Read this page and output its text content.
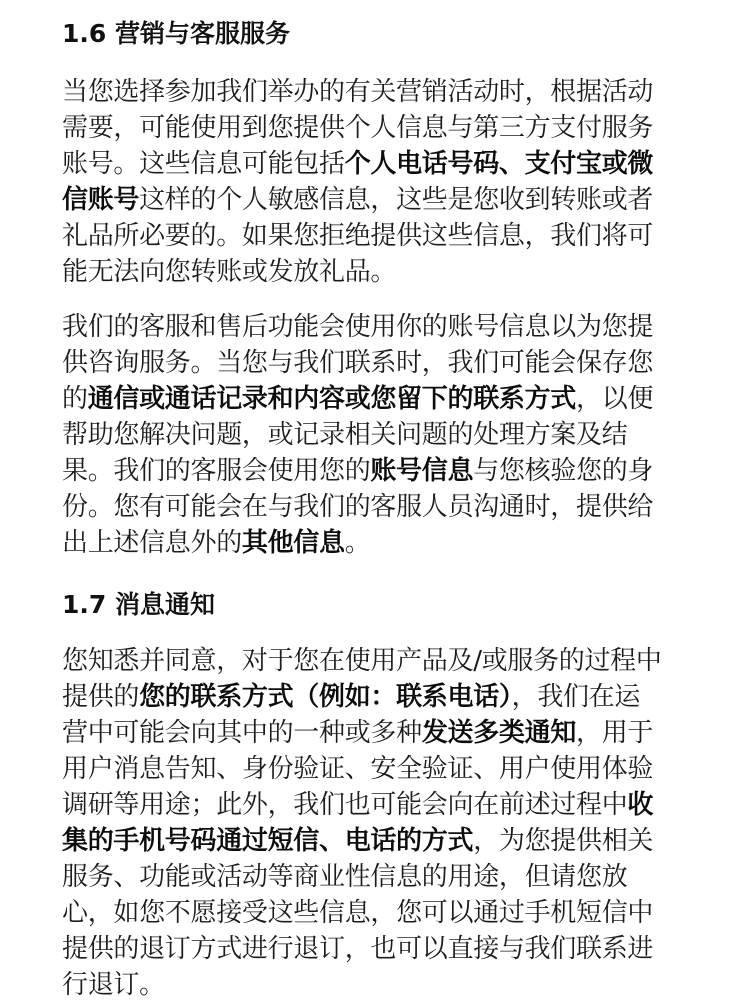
1.6 营销与客服服务
当您选择参加我们举办的有关营销活动时，根据活动
需要，可能使用到您提供个人信息与第三方支付服务
账号。这些信息可能包括个人电话号码、支付宝或微
信账号这样的个人敏感信息，这些是您收到转账或者
礼品所必要的。如果您拒绝提供这些信息，我们将可
能无法向您转账或发放礼品。
我们的客服和售后功能会使用你的账号信息以为您提
供咨询服务。当您与我们联系时，我们可能会保存您
的通信或通话记录和内容或您留下的联系方式，以便
帮助您解决问题，或记录相关问题的处理方案及结
果。我们的客服会使用您的账号信息与您核验您的身
份。您有可能会在与我们的客服人员沟通时，提供给
出上述信息外的其他信息。
1.7 消息通知
您知悉并同意，对于您在使用产品及/或服务的过程中
提供的您的联系方式（例如：联系电话），我们在运
营中可能会向其中的一种或多种发送多类通知，用于
用户消息告知、身份验证、安全验证、用户使用体验
调研等用途；此外，我们也可能会向在前述过程中收
集的手机号码通过短信、电话的方式，为您提供相关
服务、功能或活动等商业性信息的用途，但请您放
心，如您不愿接受这些信息，您可以通过手机短信中
提供的退订方式进行退订，也可以直接与我们联系进
行退订。
